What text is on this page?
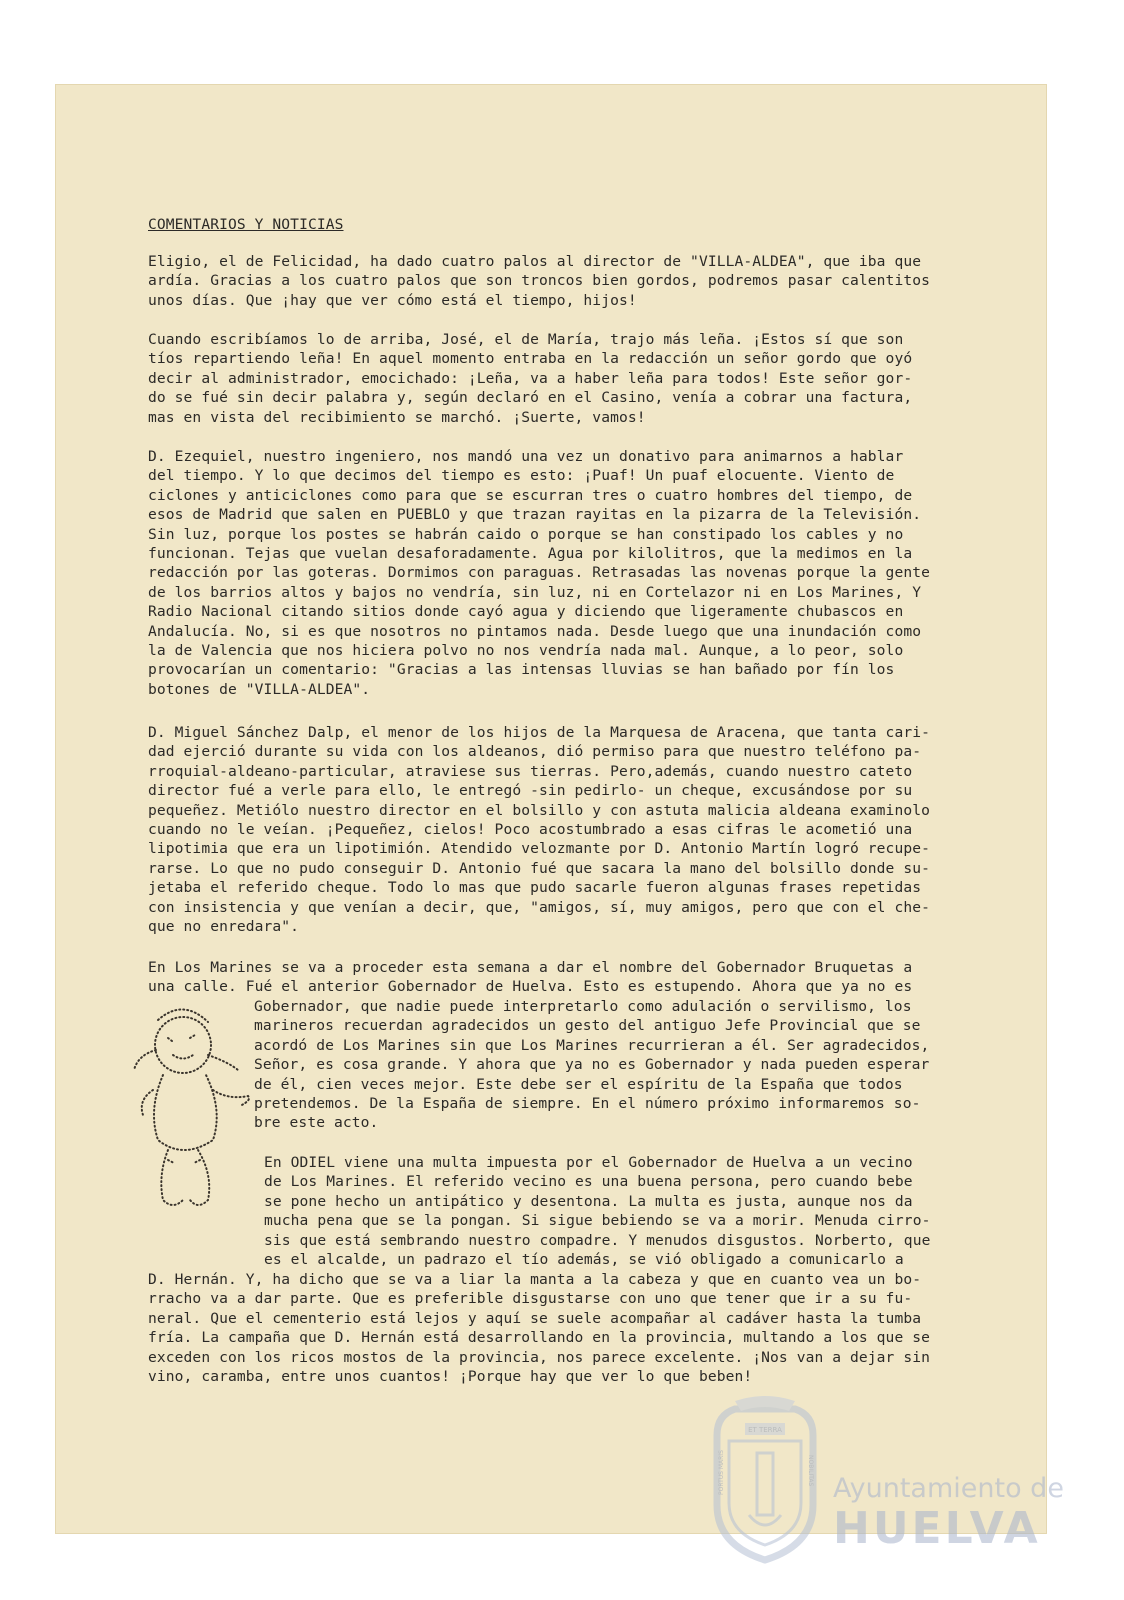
COMENTARIOS Y NOTICIAS

Eligio, el de Felicidad, ha dado cuatro palos al director de "VILLA-ALDEA", que iba que
ardía. Gracias a los cuatro palos que son troncos bien gordos, podremos pasar calentitos
unos días. Que ¡hay que ver cómo está el tiempo, hijos!

Cuando escribíamos lo de arriba, José, el de María, trajo más leña. ¡Estos sí que son
tíos repartiendo leña! En aquel momento entraba en la redacción un señor gordo que oyó
decir al administrador, emocichado: ¡Leña, va a haber leña para todos! Este señor gor-
do se fué sin decir palabra y, según declaró en el Casino, venía a cobrar una factura,
mas en vista del recibimiento se marchó. ¡Suerte, vamos!

D. Ezequiel, nuestro ingeniero, nos mandó una vez un donativo para animarnos a hablar
del tiempo. Y lo que decimos del tiempo es esto: ¡Puaf! Un puaf elocuente. Viento de
ciclones y anticiclones como para que se escurran tres o cuatro hombres del tiempo, de
esos de Madrid que salen en PUEBLO y que trazan rayitas en la pizarra de la Televisión.
Sin luz, porque los postes se habrán caido o porque se han constipado los cables y no
funcionan. Tejas que vuelan desaforadamente. Agua por kilolitros, que la medimos en la
redacción por las goteras. Dormimos con paraguas. Retrasadas las novenas porque la gente
de los barrios altos y bajos no vendría, sin luz, ni en Cortelazor ni en Los Marines, Y
Radio Nacional citando sitios donde cayó agua y diciendo que ligeramente chubascos en
Andalucía. No, si es que nosotros no pintamos nada. Desde luego que una inundación como
la de Valencia que nos hiciera polvo no nos vendría nada mal. Aunque, a lo peor, solo
provocarían un comentario: "Gracias a las intensas lluvias se han bañado por fín los
botones de "VILLA-ALDEA".

D. Miguel Sánchez Dalp, el menor de los hijos de la Marquesa de Aracena, que tanta cari-
dad ejerció durante su vida con los aldeanos, dió permiso para que nuestro teléfono pa-
rroquial-aldeano-particular, atraviese sus tierras. Pero,además, cuando nuestro cateto
director fué a verle para ello, le entregó -sin pedirlo- un cheque, excusándose por su
pequeñez. Metiólo nuestro director en el bolsillo y con astuta malicia aldeana examinolo
cuando no le veían. ¡Pequeñez, cielos! Poco acostumbrado a esas cifras le acometió una
lipotimia que era un lipotimión. Atendido velozmante por D. Antonio Martín logró recupe-
rarse. Lo que no pudo conseguir D. Antonio fué que sacara la mano del bolsillo donde su-
jetaba el referido cheque. Todo lo mas que pudo sacarle fueron algunas frases repetidas
con insistencia y que venían a decir, que, "amigos, sí, muy amigos, pero que con el che-
que no enredara".

En Los Marines se va a proceder esta semana a dar el nombre del Gobernador Bruquetas a
una calle. Fué el anterior Gobernador de Huelva. Esto es estupendo. Ahora que ya no es

Gobernador, que nadie puede interpretarlo como adulación o servilismo, los
marineros recuerdan agradecidos un gesto del antiguo Jefe Provincial que se
acordó de Los Marines sin que Los Marines recurrieran a él. Ser agradecidos,
Señor, es cosa grande. Y ahora que ya no es Gobernador y nada pueden esperar
de él, cien veces mejor. Este debe ser el espíritu de la España que todos
pretendemos. De la España de siempre. En el número próximo informaremos so-
bre este acto.

En ODIEL viene una multa impuesta por el Gobernador de Huelva a un vecino
de Los Marines. El referido vecino es una buena persona, pero cuando bebe
se pone hecho un antipático y desentona. La multa es justa, aunque nos da
mucha pena que se la pongan. Si sigue bebiendo se va a morir. Menuda cirro-
sis que está sembrando nuestro compadre. Y menudos disgustos. Norberto, que
es el alcalde, un padrazo el tío además, se vió obligado a comunicarlo a

D. Hernán. Y, ha dicho que se va a liar la manta a la cabeza y que en cuanto vea un bo-
rracho va a dar parte. Que es preferible disgustarse con uno que tener que ir a su fu-
neral. Que el cementerio está lejos y aquí se suele acompañar al cadáver hasta la tumba
fría. La campaña que D. Hernán está desarrollando en la provincia, multando a los que se
exceden con los ricos mostos de la provincia, nos parece excelente. ¡Nos van a dejar sin
vino, caramba, entre unos cuantos! ¡Porque hay que ver lo que beben!

ET TERRA
PORTUS MARIS	NOBILITAS
Ayuntamiento de
HUELVA
